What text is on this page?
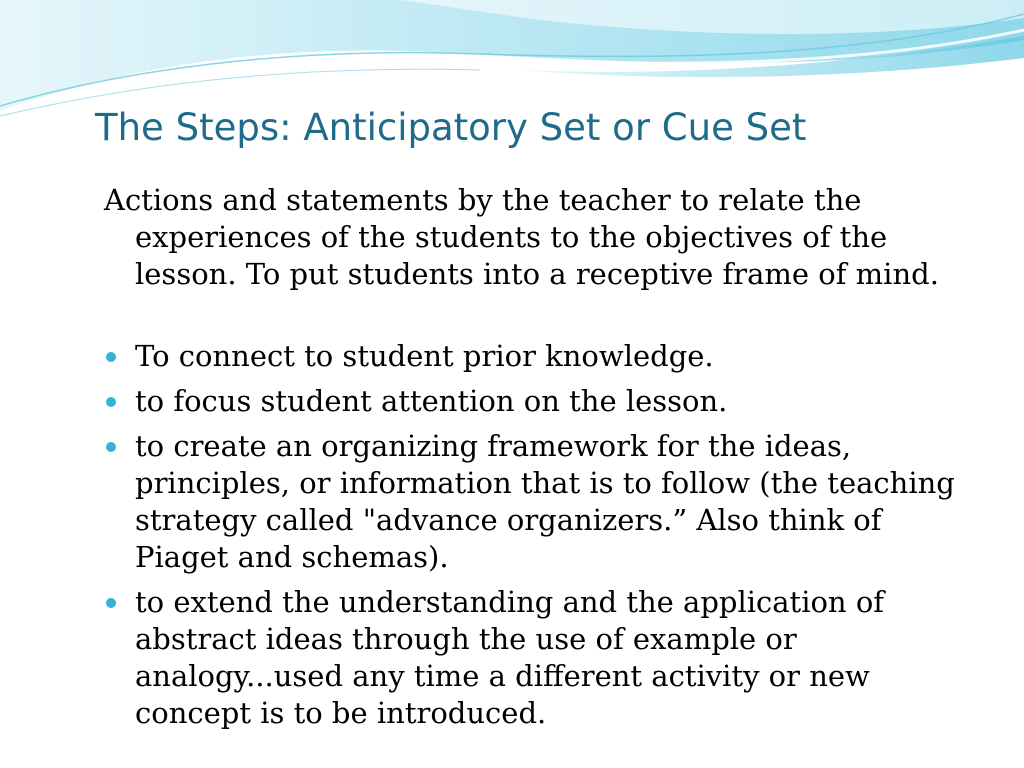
The Steps: Anticipatory Set or Cue Set

Actions and statements by the teacher to relate the experiences of the students to the objectives of the lesson. To put students into a receptive frame of mind.

To connect to student prior knowledge.
to focus student attention on the lesson.
to create an organizing framework for the ideas, principles, or information that is to follow (the teaching strategy called "advance organizers.” Also think of Piaget and schemas).
to extend the understanding and the application of abstract ideas through the use of example or analogy...used any time a different activity or new concept is to be introduced.
